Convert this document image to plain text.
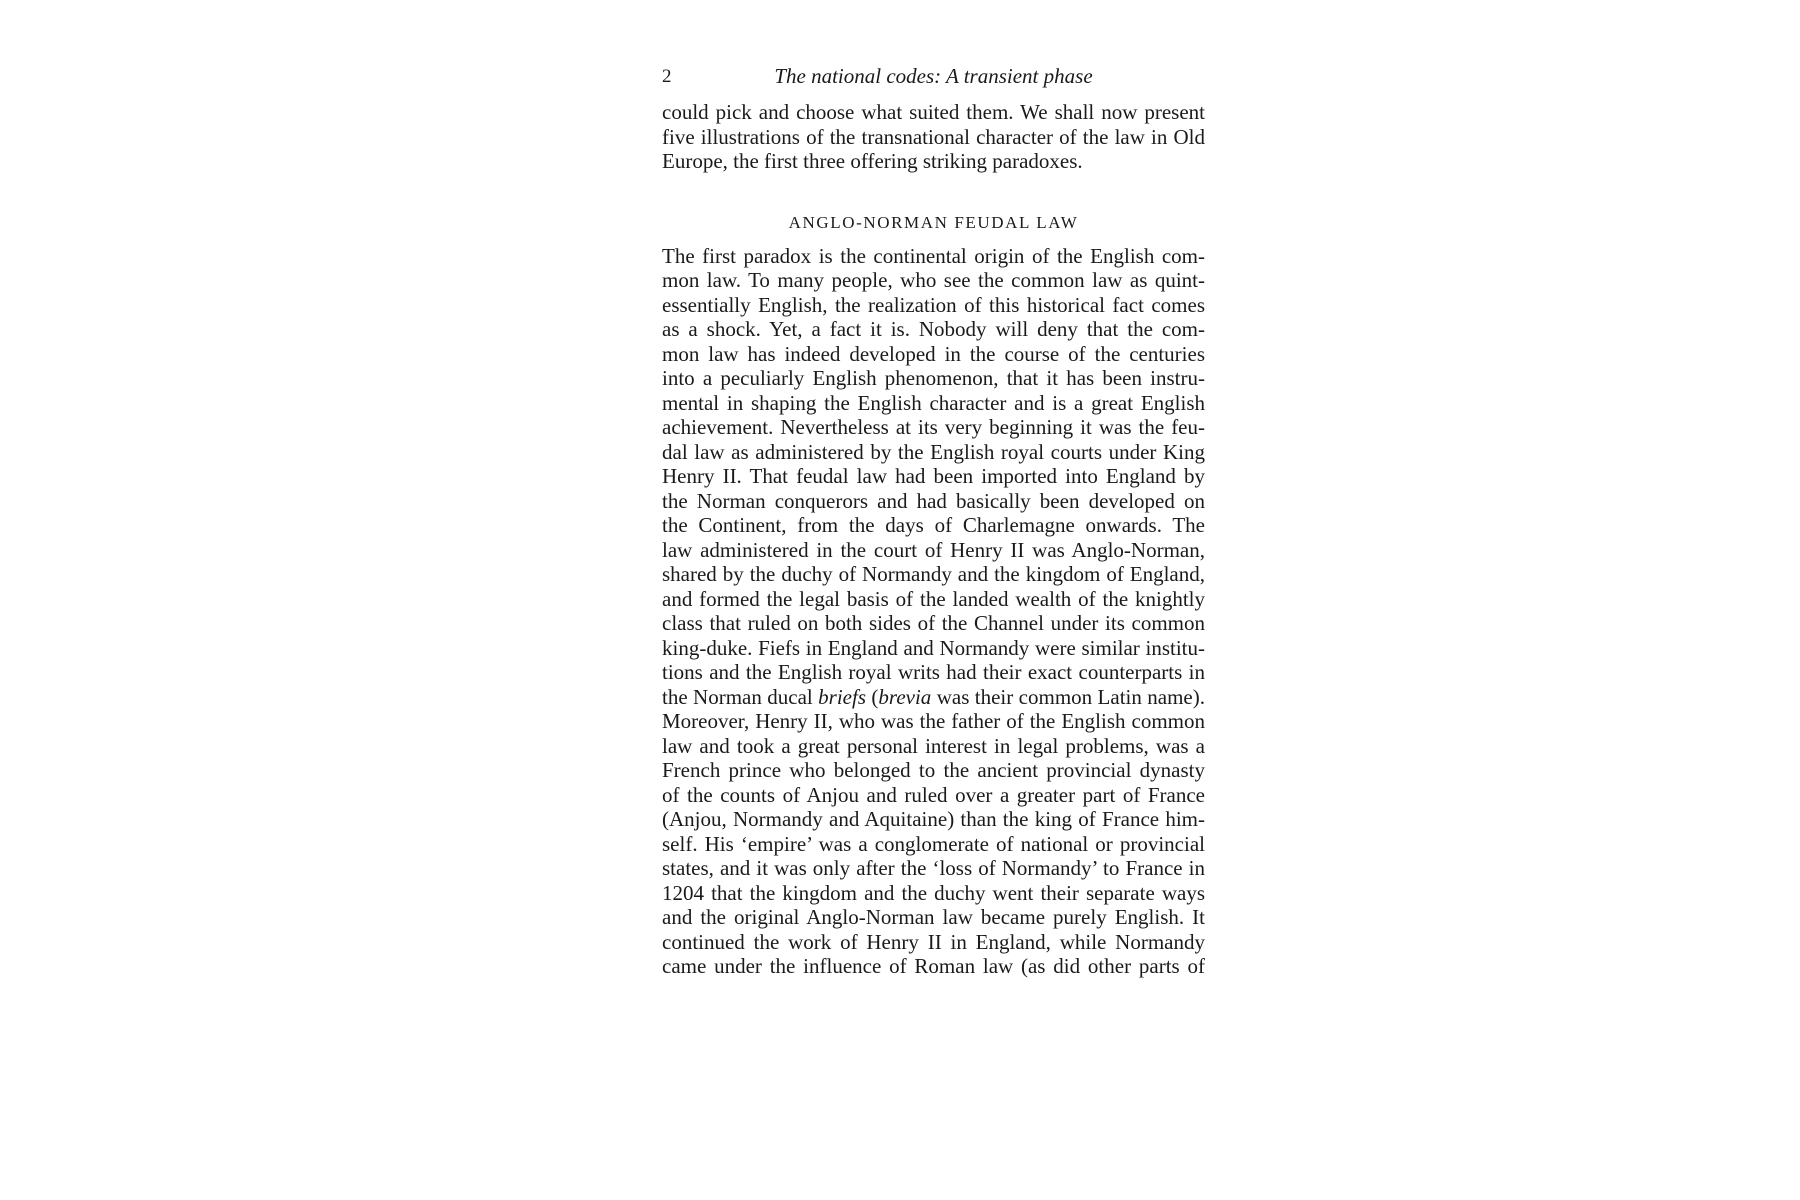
2	The national codes: A transient phase
could pick and choose what suited them. We shall now present
five illustrations of the transnational character of the law in Old
Europe, the first three offering striking paradoxes.
ANGLO-NORMAN FEUDAL LAW
The first paradox is the continental origin of the English com-
mon law. To many people, who see the common law as quint-
essentially English, the realization of this historical fact comes
as a shock. Yet, a fact it is. Nobody will deny that the com-
mon law has indeed developed in the course of the centuries
into a peculiarly English phenomenon, that it has been instru-
mental in shaping the English character and is a great English
achievement. Nevertheless at its very beginning it was the feu-
dal law as administered by the English royal courts under King
Henry II. That feudal law had been imported into England by
the Norman conquerors and had basically been developed on
the Continent, from the days of Charlemagne onwards. The
law administered in the court of Henry II was Anglo-Norman,
shared by the duchy of Normandy and the kingdom of England,
and formed the legal basis of the landed wealth of the knightly
class that ruled on both sides of the Channel under its common
king-duke. Fiefs in England and Normandy were similar institu-
tions and the English royal writs had their exact counterparts in
the Norman ducal briefs (brevia was their common Latin name).
Moreover, Henry II, who was the father of the English common
law and took a great personal interest in legal problems, was a
French prince who belonged to the ancient provincial dynasty
of the counts of Anjou and ruled over a greater part of France
(Anjou, Normandy and Aquitaine) than the king of France him-
self. His ‘empire’ was a conglomerate of national or provincial
states, and it was only after the ‘loss of Normandy’ to France in
1204 that the kingdom and the duchy went their separate ways
and the original Anglo-Norman law became purely English. It
continued the work of Henry II in England, while Normandy
came under the influence of Roman law (as did other parts of
